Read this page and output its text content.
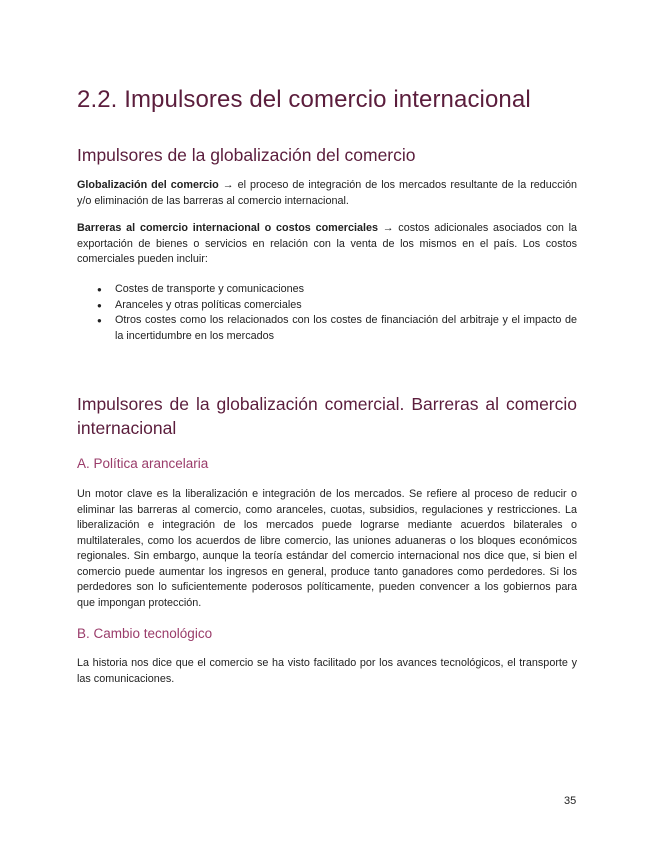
2.2. Impulsores del comercio internacional
Impulsores de la globalización del comercio

Globalización del comercio → el proceso de integración de los mercados resultante de la reducción y/o eliminación de las barreras al comercio internacional.

Barreras al comercio internacional o costos comerciales → costos adicionales asociados con la exportación de bienes o servicios en relación con la venta de los mismos en el país. Los costos comerciales pueden incluir:

● Costes de transporte y comunicaciones
● Aranceles y otras políticas comerciales
● Otros costes como los relacionados con los costes de financiación del arbitraje y el impacto de la incertidumbre en los mercados
Impulsores de la globalización comercial. Barreras al comercio internacional
A. Política arancelaria

Un motor clave es la liberalización e integración de los mercados. Se refiere al proceso de reducir o eliminar las barreras al comercio, como aranceles, cuotas, subsidios, regulaciones y restricciones. La liberalización e integración de los mercados puede lograrse mediante acuerdos bilaterales o multilaterales, como los acuerdos de libre comercio, las uniones aduaneras o los bloques económicos regionales. Sin embargo, aunque la teoría estándar del comercio internacional nos dice que, si bien el comercio puede aumentar los ingresos en general, produce tanto ganadores como perdedores. Si los perdedores son lo suficientemente poderosos políticamente, pueden convencer a los gobiernos para que impongan protección.

B. Cambio tecnológico

La historia nos dice que el comercio se ha visto facilitado por los avances tecnológicos, el transporte y las comunicaciones.

35
